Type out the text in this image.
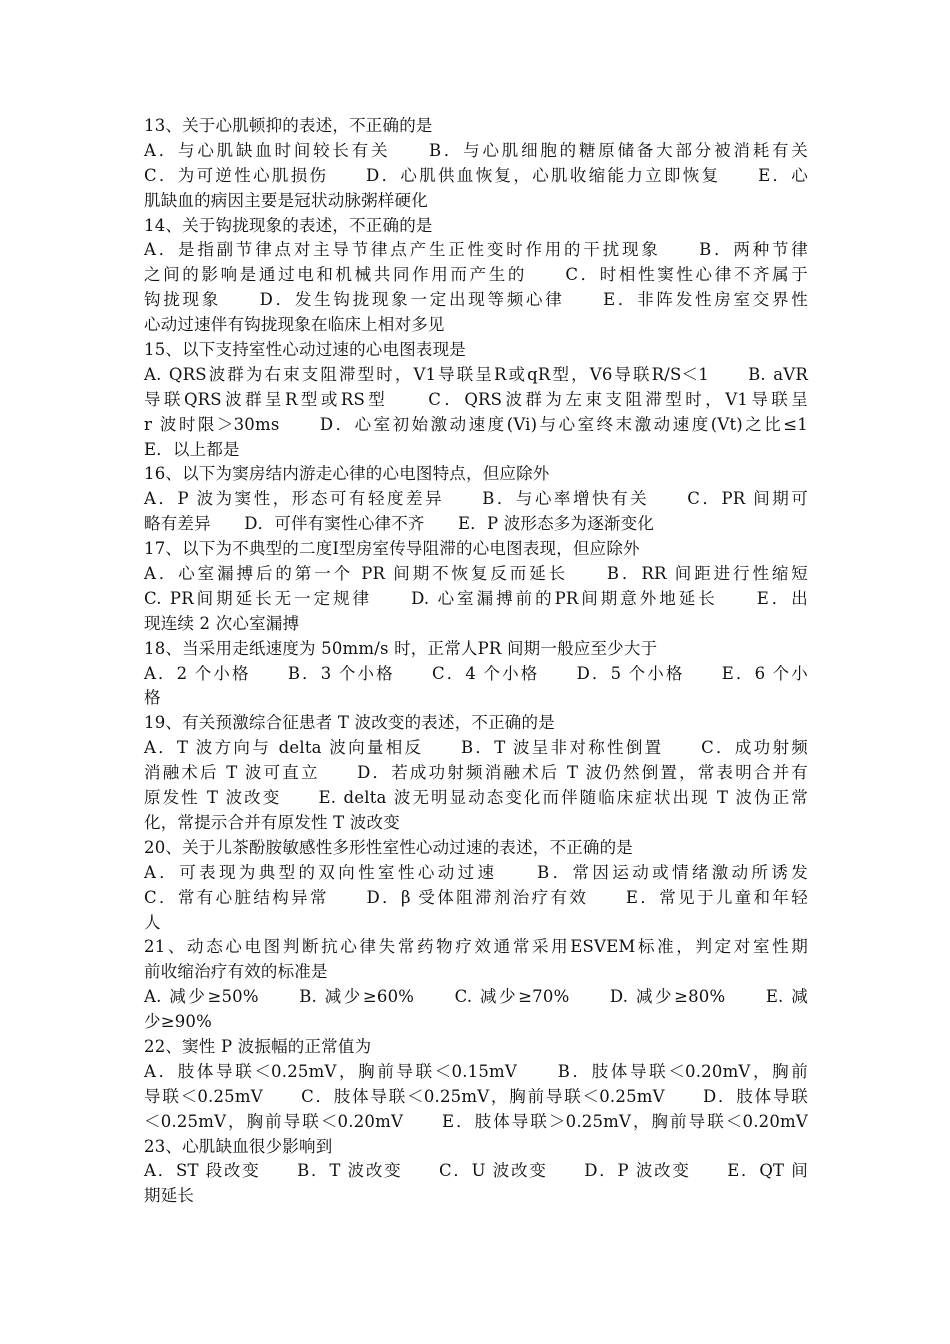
13、关于心肌顿抑的表述，不正确的是
A．与心肌缺血时间较长有关　　B．与心肌细胞的糖原储备大部分被消耗有关
C．为可逆性心肌损伤　　D．心肌供血恢复，心肌收缩能力立即恢复　　E．心
肌缺血的病因主要是冠状动脉粥样硬化
14、关于钩拢现象的表述，不正确的是
A．是指副节律点对主导节律点产生正性变时作用的干扰现象　　B．两种节律
之间的影响是通过电和机械共同作用而产生的　　C．时相性窦性心律不齐属于
钩拢现象　　D．发生钩拢现象一定出现等频心律　　E．非阵发性房室交界性
心动过速伴有钩拢现象在临床上相对多见
15、以下支持室性心动过速的心电图表现是
A. QRS波群为右束支阻滞型时，V1导联呈R或qR型，V6导联R/S＜1　　B. aVR
导联QRS波群呈R型或RS型　　C．QRS波群为左束支阻滞型时，V1导联呈
r 波时限＞30ms　　D．心室初始激动速度(Vi)与心室终末激动速度(Vt)之比≤1
E．以上都是
16、以下为窦房结内游走心律的心电图特点，但应除外
A．P 波为窦性，形态可有轻度差异　　B．与心率增快有关　　C．PR 间期可
略有差异　　D．可伴有窦性心律不齐　　E．P 波形态多为逐渐变化
17、以下为不典型的二度Ⅰ型房室传导阻滞的心电图表现，但应除外
A．心室漏搏后的第一个 PR 间期不恢复反而延长　　B．RR 间距进行性缩短
C. PR间期延长无一定规律　　D. 心室漏搏前的PR间期意外地延长　　E．出
现连续 2 次心室漏搏
18、当采用走纸速度为 50mm/s 时，正常人PR 间期一般应至少大于
A．2 个小格　　B．3 个小格　　C．4 个小格　　D．5 个小格　　E．6 个小
格
19、有关预激综合征患者 T 波改变的表述，不正确的是
A．T 波方向与 delta 波向量相反　　B．T 波呈非对称性倒置　　C．成功射频
消融术后 T 波可直立　　D．若成功射频消融术后 T 波仍然倒置，常表明合并有
原发性 T 波改变　　E. delta 波无明显动态变化而伴随临床症状出现 T 波伪正常
化，常提示合并有原发性 T 波改变
20、关于儿茶酚胺敏感性多形性室性心动过速的表述，不正确的是
A．可表现为典型的双向性室性心动过速　　B．常因运动或情绪激动所诱发
C．常有心脏结构异常　　D．β 受体阻滞剂治疗有效　　E．常见于儿童和年轻
人
21、动态心电图判断抗心律失常药物疗效通常采用ESVEM标准，判定对室性期
前收缩治疗有效的标准是
A. 减少≥50%　　B. 减少≥60%　　C. 减少≥70%　　D. 减少≥80%　　E. 减
少≥90%
22、窦性 P 波振幅的正常值为
A．肢体导联＜0.25mV，胸前导联＜0.15mV　　B．肢体导联＜0.20mV，胸前
导联＜0.25mV　　C．肢体导联＜0.25mV，胸前导联＜0.25mV　　D．肢体导联
＜0.25mV，胸前导联＜0.20mV　　E．肢体导联＞0.25mV，胸前导联＜0.20mV
23、心肌缺血很少影响到
A．ST 段改变　　B．T 波改变　　C．U 波改变　　D．P 波改变　　E．QT 间
期延长
